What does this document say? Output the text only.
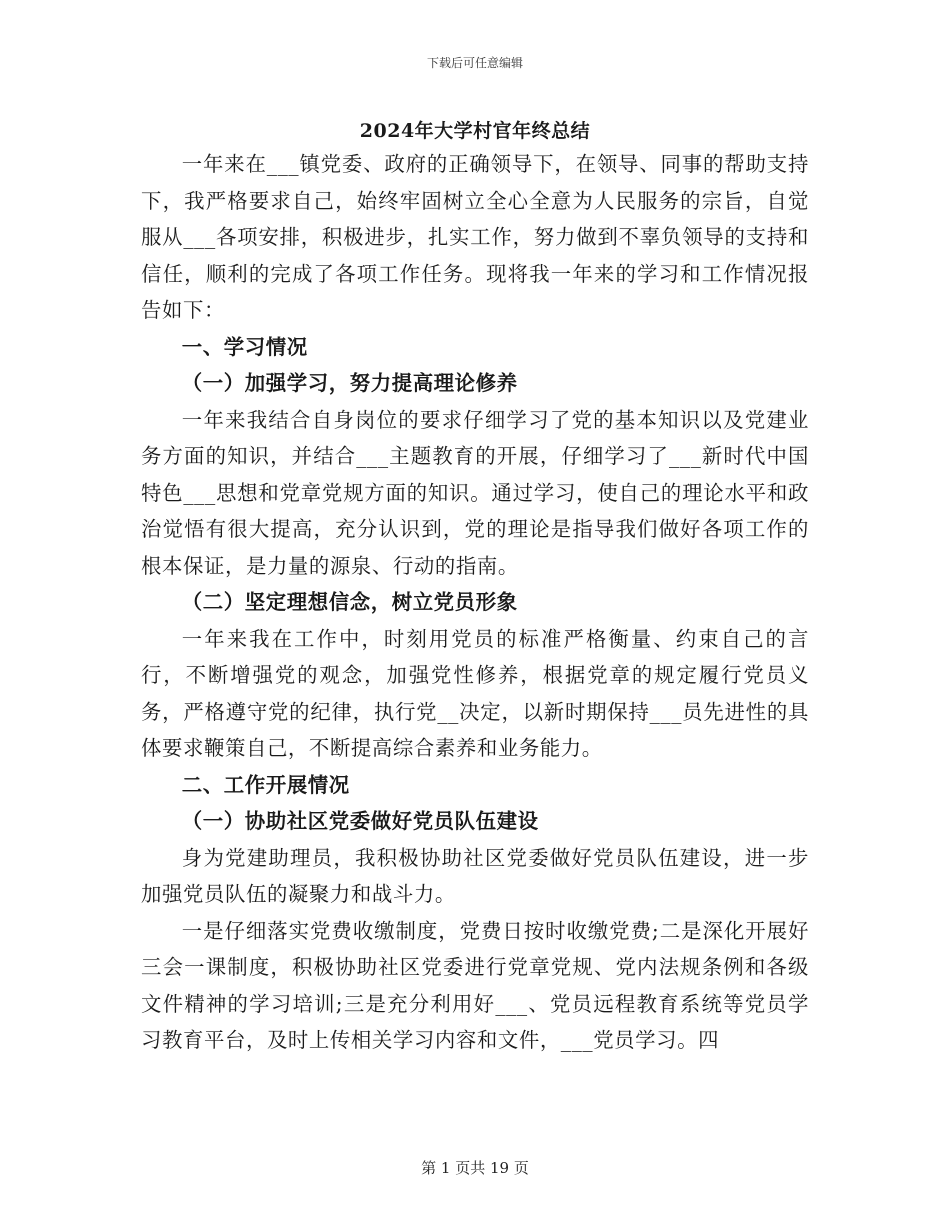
下载后可任意编辑
2024年大学村官年终总结

一年来在___镇党委、政府的正确领导下，在领导、同事的帮助支持下，我严格要求自己，始终牢固树立全心全意为人民服务的宗旨，自觉服从___各项安排，积极进步，扎实工作，努力做到不辜负领导的支持和信任，顺利的完成了各项工作任务。现将我一年来的学习和工作情况报告如下：

一、学习情况

（一）加强学习，努力提高理论修养

一年来我结合自身岗位的要求仔细学习了党的基本知识以及党建业务方面的知识，并结合___主题教育的开展，仔细学习了___新时代中国特色___思想和党章党规方面的知识。通过学习，使自己的理论水平和政治觉悟有很大提高，充分认识到，党的理论是指导我们做好各项工作的根本保证，是力量的源泉、行动的指南。

（二）坚定理想信念，树立党员形象

一年来我在工作中，时刻用党员的标准严格衡量、约束自己的言行，不断增强党的观念，加强党性修养，根据党章的规定履行党员义务，严格遵守党的纪律，执行党__决定，以新时期保持___员先进性的具体要求鞭策自己，不断提高综合素养和业务能力。

二、工作开展情况

（一）协助社区党委做好党员队伍建设

身为党建助理员，我积极协助社区党委做好党员队伍建设，进一步加强党员队伍的凝聚力和战斗力。

一是仔细落实党费收缴制度，党费日按时收缴党费;二是深化开展好三会一课制度，积极协助社区党委进行党章党规、党内法规条例和各级文件精神的学习培训;三是充分利用好___、党员远程教育系统等党员学习教育平台，及时上传相关学习内容和文件，___党员学习。四

第 1 页共 19 页
